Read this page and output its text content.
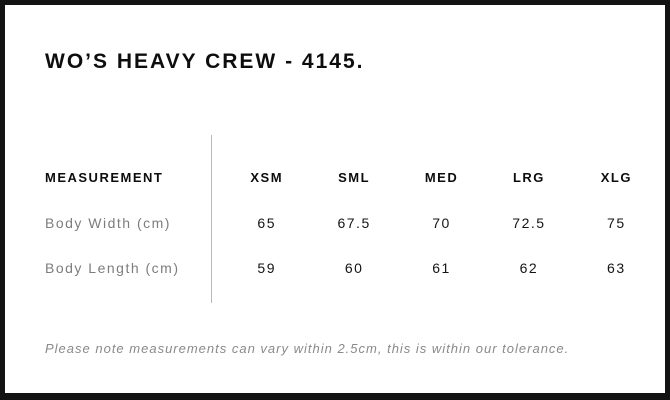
WO’S HEAVY CREW - 4145.
MEASUREMENT	XSM	SML	MED	LRG	XLG
Body Width (cm)	65	67.5	70	72.5	75
Body Length (cm)	59	60	61	62	63

Please note measurements can vary within 2.5cm, this is within our tolerance.
